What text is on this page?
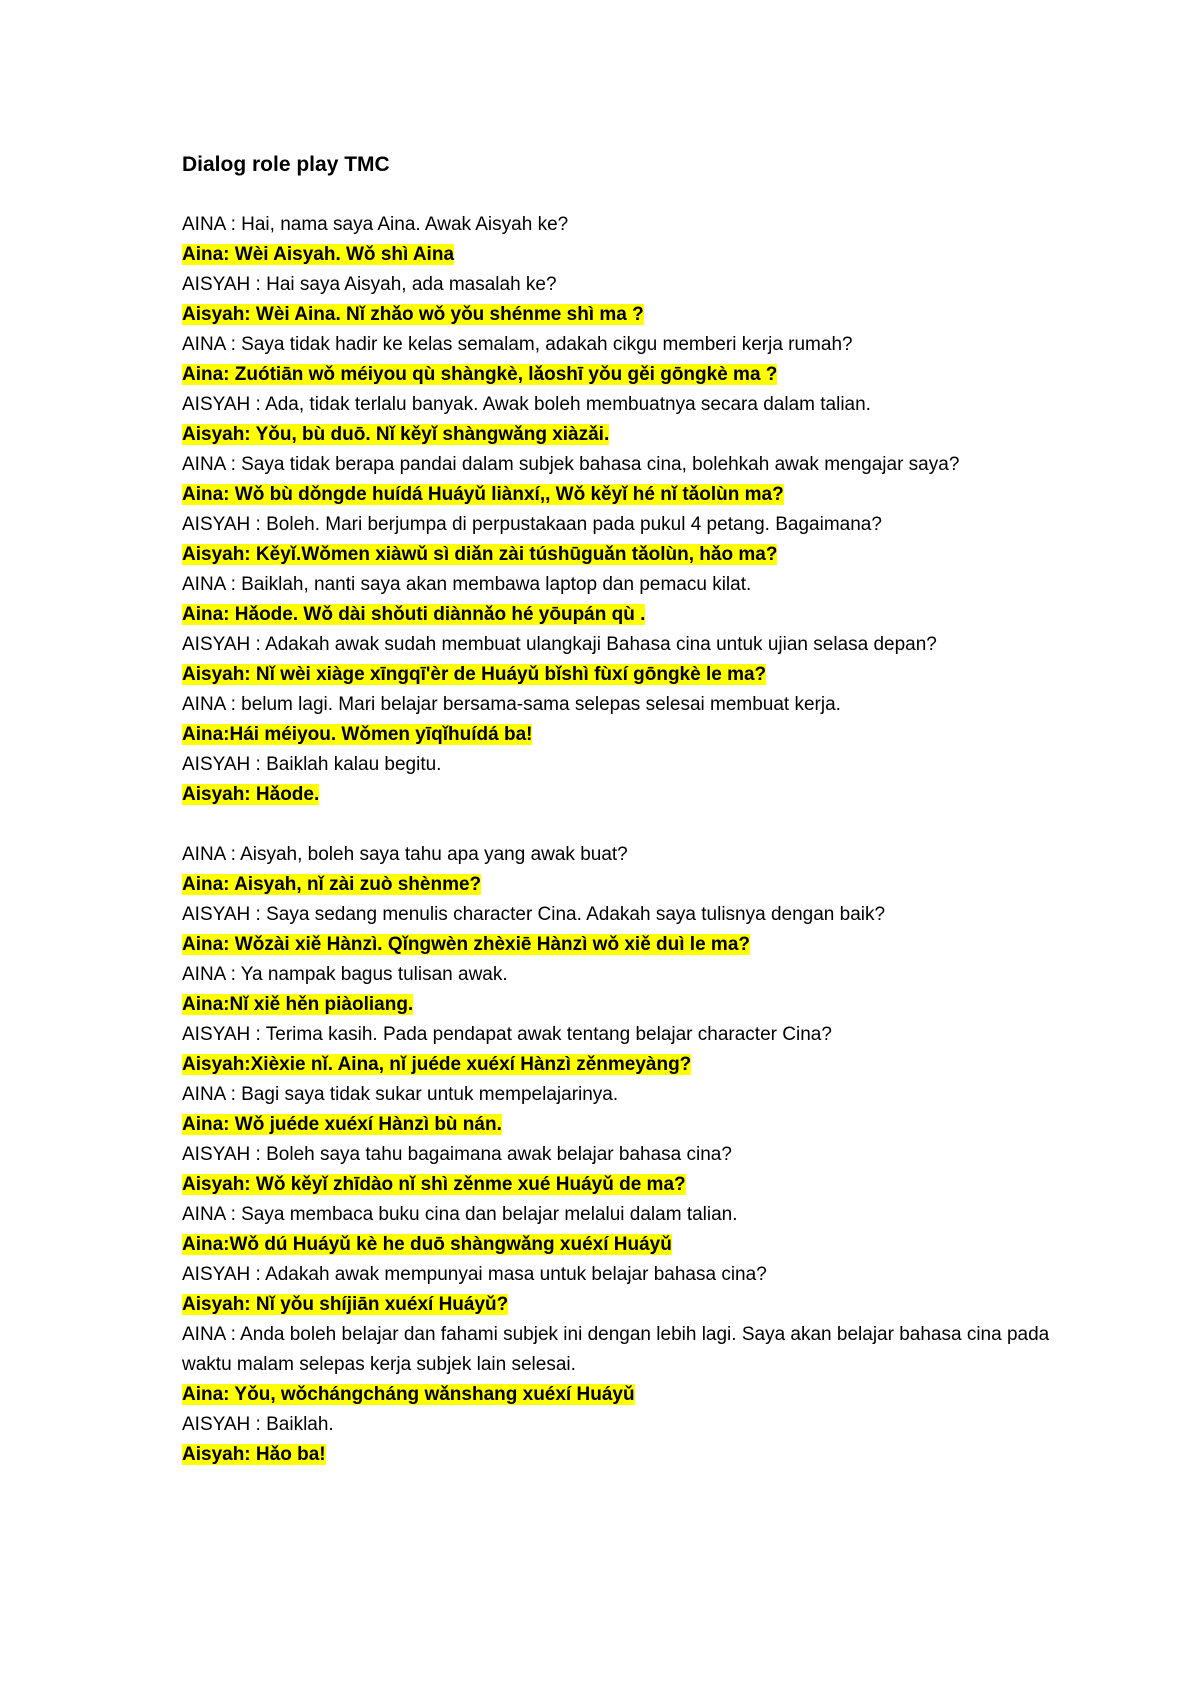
Dialog role play TMC
AINA : Hai, nama saya Aina. Awak Aisyah ke?
Aina: Wèi Aisyah. Wǒ shì Aina
AISYAH : Hai saya Aisyah, ada masalah ke?
Aisyah: Wèi Aina. Nǐ zhǎo wǒ yǒu shénme shì ma ?
AINA : Saya tidak hadir ke kelas semalam, adakah cikgu memberi kerja rumah?
Aina: Zuótiān wǒ méiyou qù shàngkè, lǎoshī yǒu gěi gōngkè ma ?
AISYAH : Ada, tidak terlalu banyak. Awak boleh membuatnya secara dalam talian.
Aisyah: Yǒu, bù duō. Nǐ kěyǐ shàngwǎng xiàzǎi.
AINA : Saya tidak berapa pandai dalam subjek bahasa cina, bolehkah awak mengajar saya?
Aina: Wǒ bù dǒngde huídá Huáyǔ liànxí,, Wǒ kěyǐ hé nǐ tǎolùn ma?
AISYAH : Boleh. Mari berjumpa di perpustakaan pada pukul 4 petang. Bagaimana?
Aisyah: Kěyǐ.Wǒmen xiàwǔ sì diǎn zài túshūguǎn tǎolùn, hǎo ma?
AINA : Baiklah, nanti saya akan membawa laptop dan pemacu kilat.
Aina: Hǎode. Wǒ dài shǒuti diànnǎo hé yōupán qù .
AISYAH : Adakah awak sudah membuat ulangkaji Bahasa cina untuk ujian selasa depan?
Aisyah: Nǐ wèi xiàge xīngqī'èr de Huáyǔ bǐshì fùxí gōngkè le ma?
AINA : belum lagi. Mari belajar bersama-sama selepas selesai membuat kerja.
Aina:Hái méiyou. Wǒmen yīqǐhuídá ba!
AISYAH : Baiklah kalau begitu.
Aisyah: Hǎode.
AINA : Aisyah, boleh saya tahu apa yang awak buat?
Aina: Aisyah, nǐ zài zuò shènme?
AISYAH : Saya sedang menulis character Cina. Adakah saya tulisnya dengan baik?
Aina: Wǒzài xiě Hànzì. Qǐngwèn zhèxiē Hànzì wǒ xiě duì le ma?
AINA : Ya nampak bagus tulisan awak.
Aina:Nǐ xiě hěn piàoliang.
AISYAH : Terima kasih. Pada pendapat awak tentang belajar character Cina?
Aisyah:Xièxie nǐ. Aina, nǐ juéde xuéxí Hànzì zěnmeyàng?
AINA : Bagi saya tidak sukar untuk mempelajarinya.
Aina: Wǒ juéde xuéxí Hànzì bù nán.
AISYAH : Boleh saya tahu bagaimana awak belajar bahasa cina?
Aisyah: Wǒ kěyǐ zhīdào nǐ shì zěnme xué Huáyǔ de ma?
AINA : Saya membaca buku cina dan belajar melalui dalam talian.
Aina:Wǒ dú Huáyǔ kè he duō shàngwǎng xuéxí Huáyǔ
AISYAH : Adakah awak mempunyai masa untuk belajar bahasa cina?
Aisyah: Nǐ yǒu shíjiān xuéxí Huáyǔ?
AINA : Anda boleh belajar dan fahami subjek ini dengan lebih lagi. Saya akan belajar bahasa cina pada waktu malam selepas kerja subjek lain selesai.
Aina: Yǒu, wǒchángcháng wǎnshang xuéxí Huáyǔ
AISYAH : Baiklah.
Aisyah: Hǎo ba!
